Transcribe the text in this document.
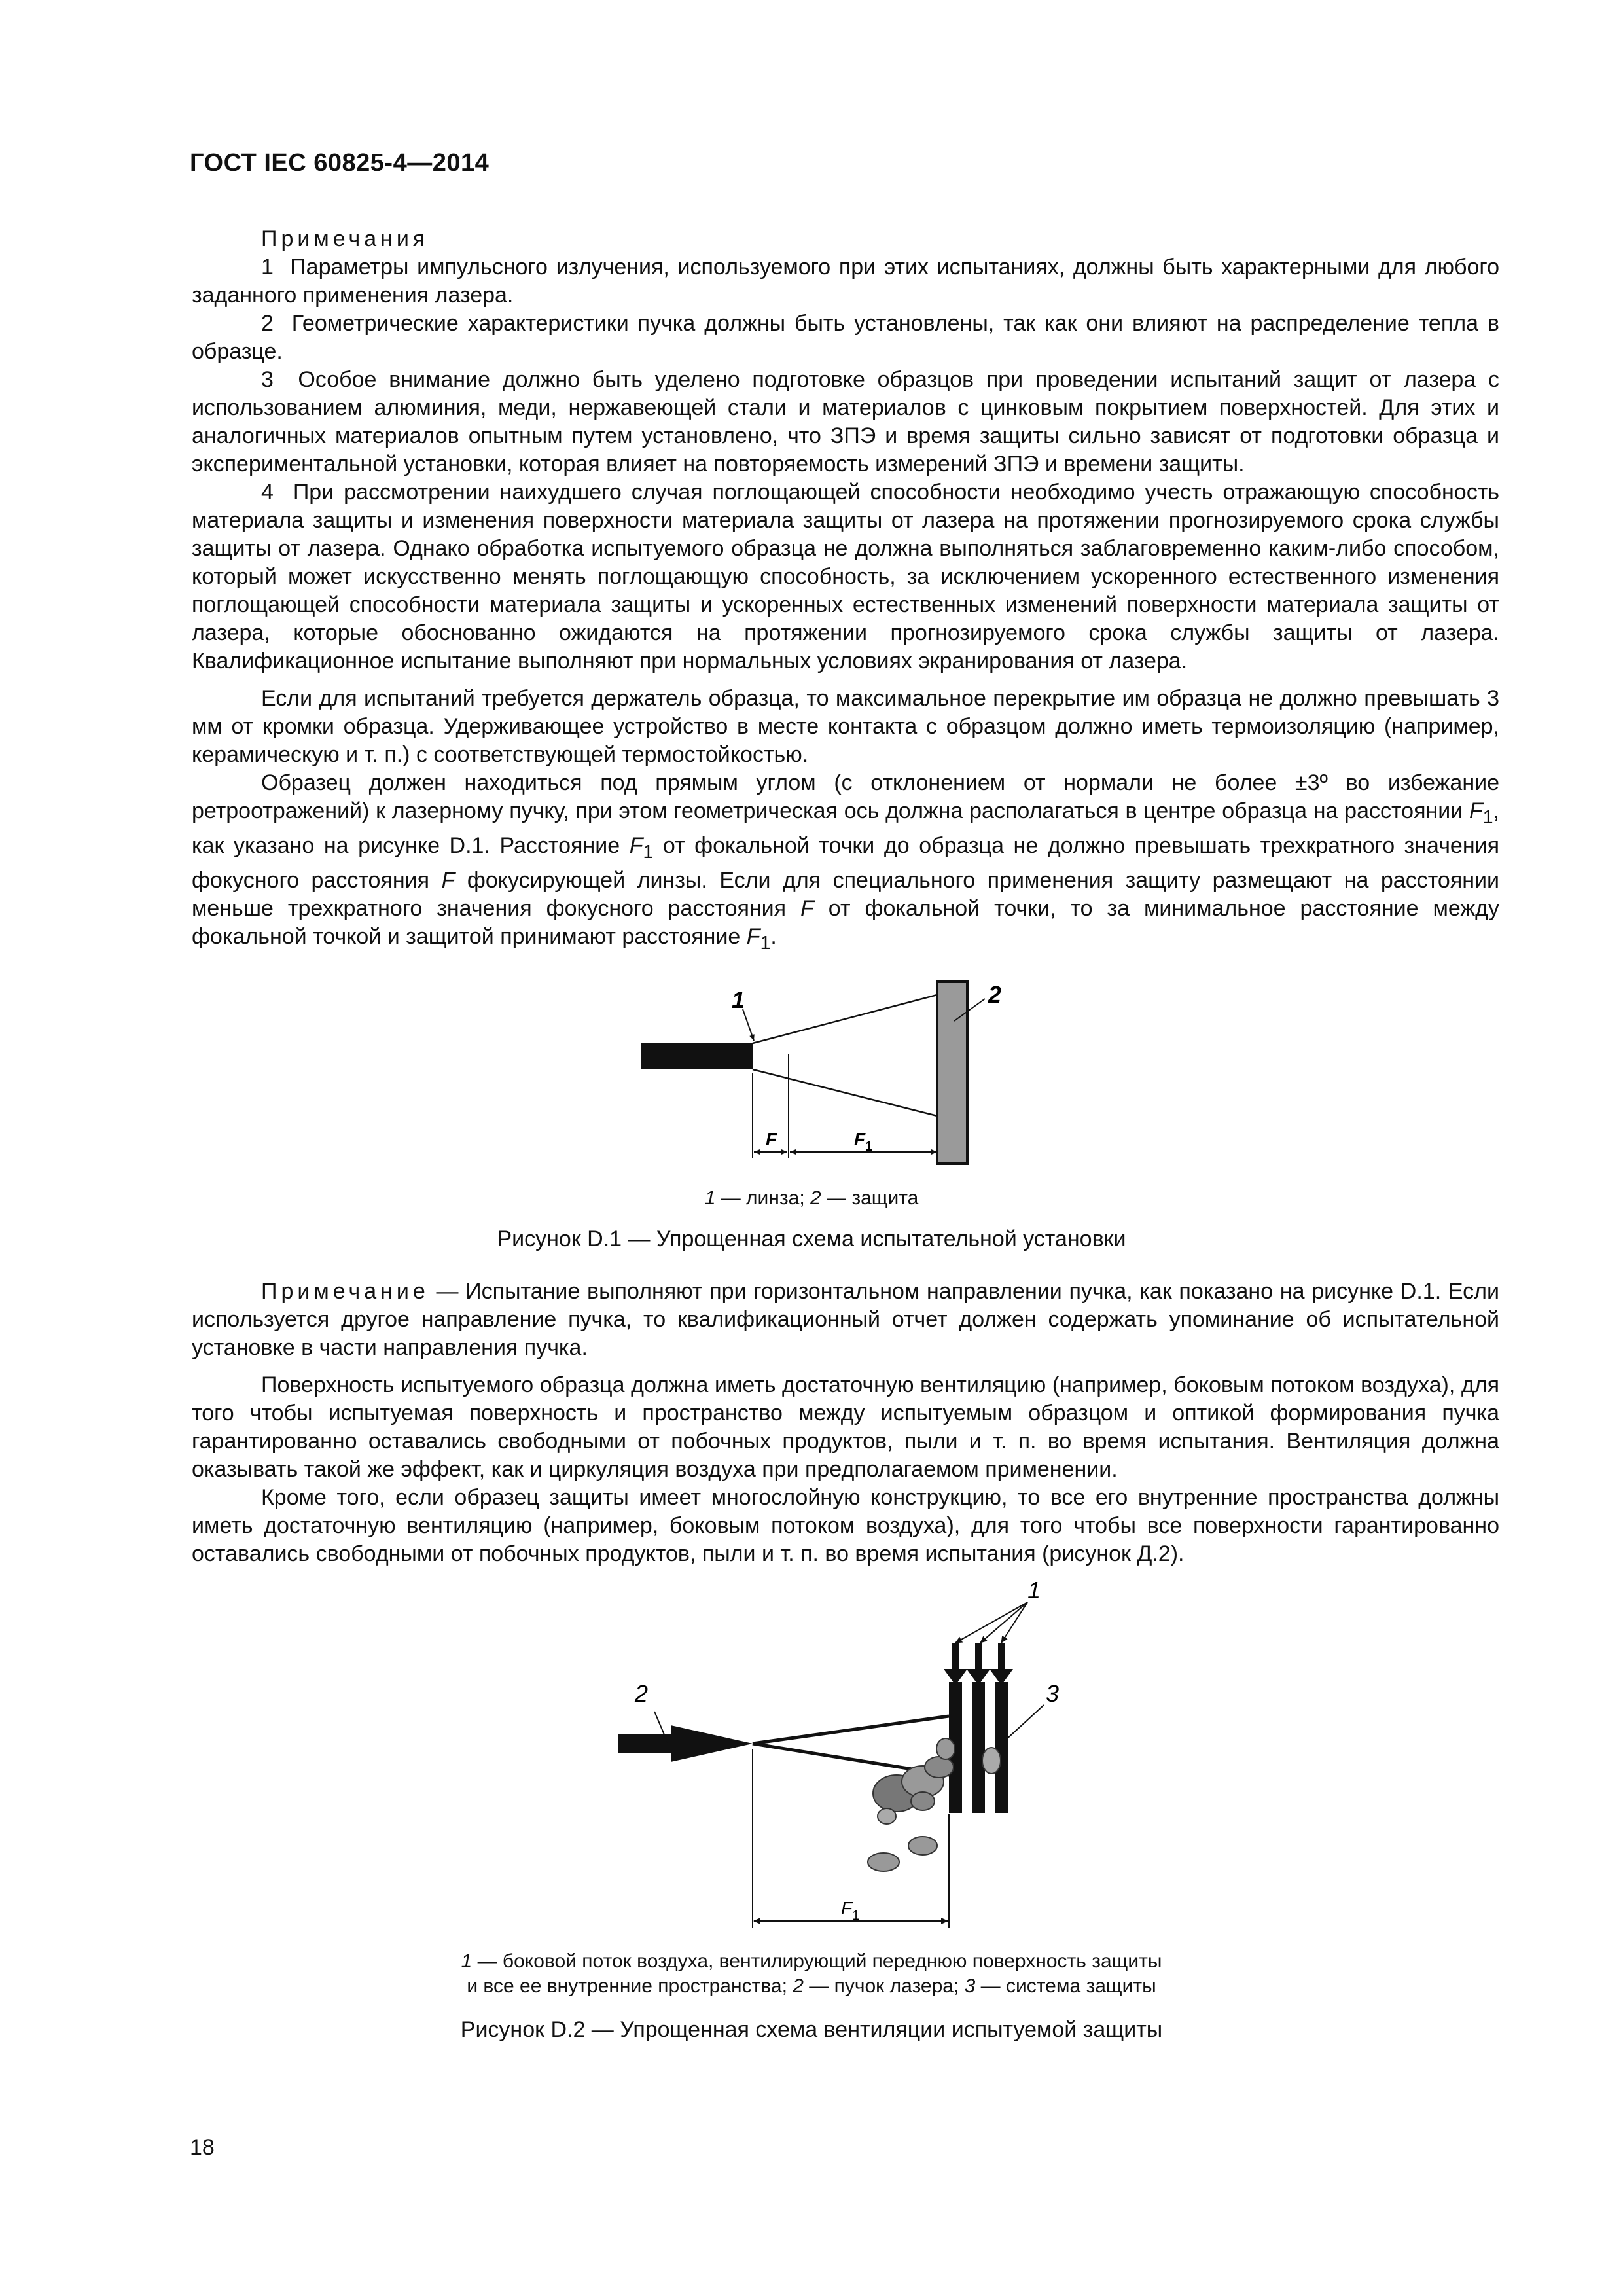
ГОСТ IEC 60825-4—2014

Примечания

1 Параметры импульсного излучения, используемого при этих испытаниях, должны быть характерными для любого заданного применения лазера.

2 Геометрические характеристики пучка должны быть установлены, так как они влияют на распределение тепла в образце.

3 Особое внимание должно быть уделено подготовке образцов при проведении испытаний защит от лазера с использованием алюминия, меди, нержавеющей стали и материалов с цинковым покрытием поверхностей. Для этих и аналогичных материалов опытным путем установлено, что ЗПЭ и время защиты сильно зависят от подготовки образца и экспериментальной установки, которая влияет на повторяемость измерений ЗПЭ и времени защиты.

4 При рассмотрении наихудшего случая поглощающей способности необходимо учесть отражающую способность материала защиты и изменения поверхности материала защиты от лазера на протяжении прогнозируемого срока службы защиты от лазера. Однако обработка испытуемого образца не должна выполняться заблаговременно каким-либо способом, который может искусственно менять поглощающую способность, за исключением ускоренного естественного изменения поглощающей способности материала защиты и ускоренных естественных изменений поверхности материала защиты от лазера, которые обоснованно ожидаются на протяжении прогнозируемого срока службы защиты от лазера. Квалификационное испытание выполняют при нормальных условиях экранирования от лазера.

Если для испытаний требуется держатель образца, то максимальное перекрытие им образца не должно превышать 3 мм от кромки образца. Удерживающее устройство в месте контакта с образцом должно иметь термоизоляцию (например, керамическую и т. п.) с соответствующей термостойкостью.

Образец должен находиться под прямым углом (с отклонением от нормали не более ±3º во избежание ретроотражений) к лазерному пучку, при этом геометрическая ось должна располагаться в центре образца на расстоянии $F_1$, как указано на рисунке D.1. Расстояние $F_1$ от фокальной точки до образца не должно превышать трехкратного значения фокусного расстояния F фокусирующей линзы. Если для специального применения защиту размещают на расстоянии меньше трехкратного значения фокусного расстояния F от фокальной точки, то за минимальное расстояние между фокальной точкой и защитой принимают расстояние $F_1$.

1	2
F	$F_1$
1 — линза; 2 — защита
Рисунок D.1 — Упрощенная схема испытательной установки

Примечание — Испытание выполняют при горизонтальном направлении пучка, как показано на рисунке D.1. Если используется другое направление пучка, то квалификационный отчет должен содержать упоминание об испытательной установке в части направления пучка.

Поверхность испытуемого образца должна иметь достаточную вентиляцию (например, боковым потоком воздуха), для того чтобы испытуемая поверхность и пространство между испытуемым образцом и оптикой формирования пучка гарантированно оставались свободными от побочных продуктов, пыли и т. п. во время испытания. Вентиляция должна оказывать такой же эффект, как и циркуляция воздуха при предполагаемом применении.

Кроме того, если образец защиты имеет многослойную конструкцию, то все его внутренние пространства должны иметь достаточную вентиляцию (например, боковым потоком воздуха), для того чтобы все поверхности гарантированно оставались свободными от побочных продуктов, пыли и т. п. во время испытания (рисунок Д.2).

1
2	3
$F_1$
1 — боковой поток воздуха, вентилирующий переднюю поверхность защиты
и все ее внутренние пространства; 2 — пучок лазера; 3 — система защиты
Рисунок D.2 — Упрощенная схема вентиляции испытуемой защиты
18
